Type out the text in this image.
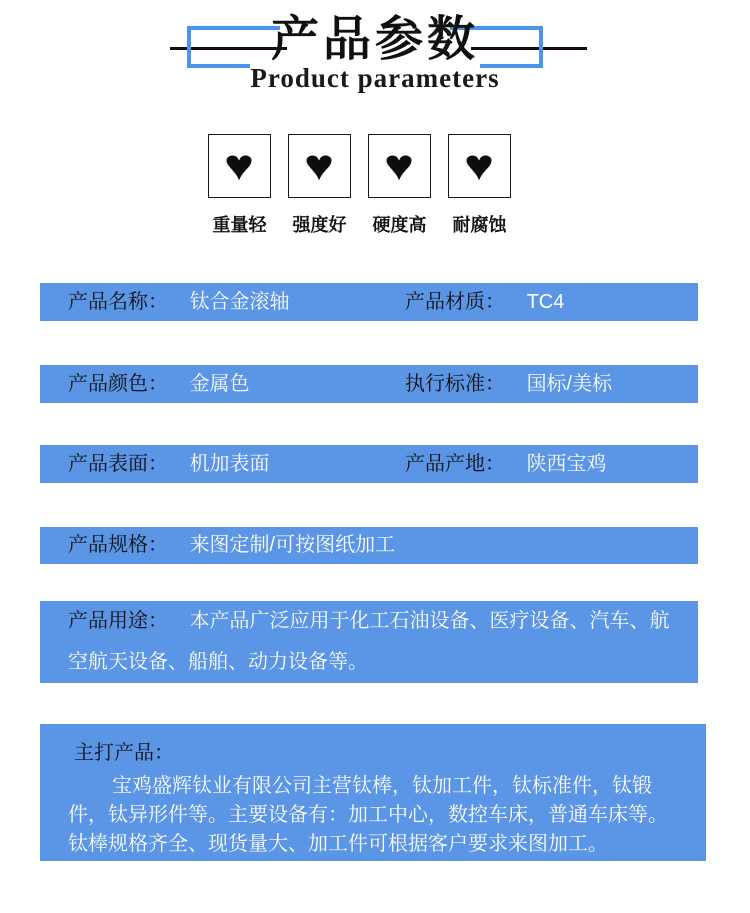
产品参数
Product parameters
♥
重量轻
♥
强度好
♥
硬度高
♥
耐腐蚀
产品名称： 钛合金滚轴	产品材质： TC4
产品颜色： 金属色	执行标准： 国标/美标
产品表面： 机加表面	产品产地： 陕西宝鸡
产品规格： 来图定制/可按图纸加工

产品用途： 本产品广泛应用于化工石油设备、医疗设备、汽车、航空航天设备、船舶、动力设备等。

主打产品：

宝鸡盛辉钛业有限公司主营钛棒，钛加工件，钛标准件，钛锻件，钛异形件等。主要设备有：加工中心，数控车床，普通车床等。钛棒规格齐全、现货量大、加工件可根据客户要求来图加工。
